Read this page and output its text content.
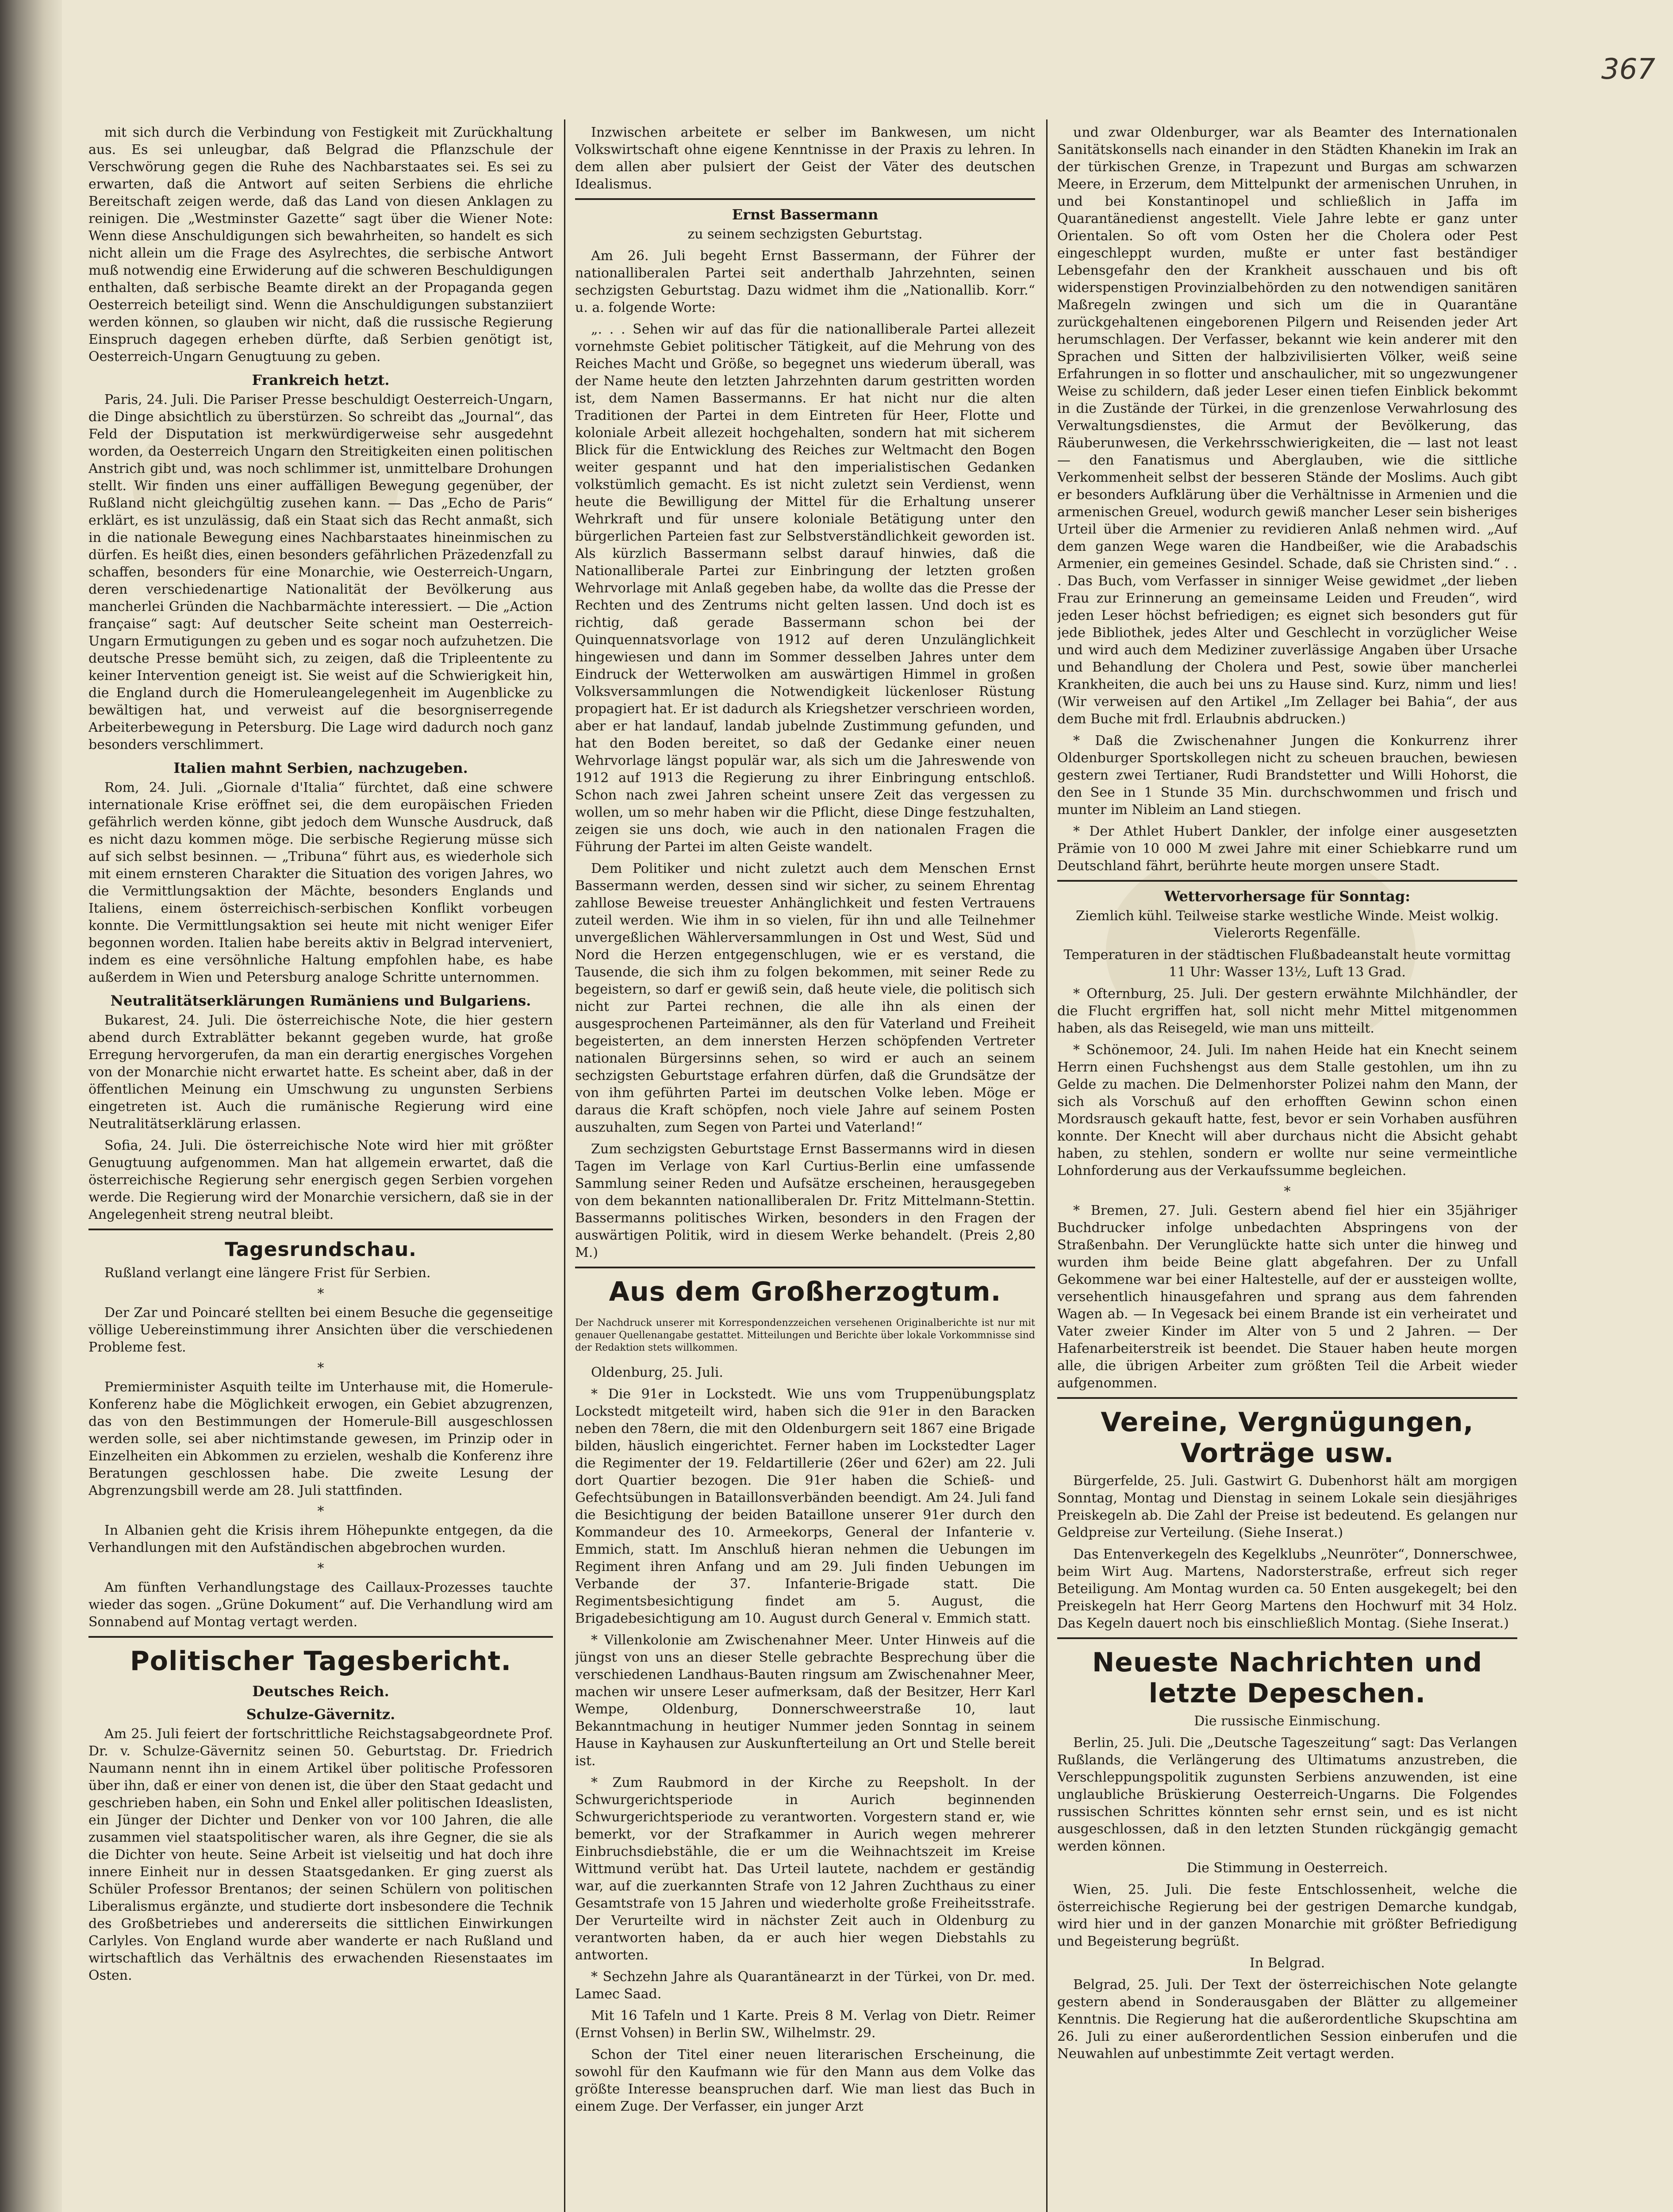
367

mit sich durch die Verbindung von Festigkeit mit Zurückhaltung aus. Es sei unleugbar, daß Belgrad die Pflanzschule der Verschwörung gegen die Ruhe des Nachbarstaates sei. Es sei zu erwarten, daß die Antwort auf seiten Serbiens die ehrliche Bereitschaft zeigen werde, daß das Land von diesen Anklagen zu reinigen. Die „Westminster Gazette“ sagt über die Wiener Note: Wenn diese Anschuldigungen sich bewahrheiten, so handelt es sich nicht allein um die Frage des Asylrechtes, die serbische Antwort muß notwendig eine Erwiderung auf die schweren Beschuldigungen enthalten, daß serbische Beamte direkt an der Propaganda gegen Oesterreich beteiligt sind. Wenn die Anschuldigungen substanziiert werden können, so glauben wir nicht, daß die russische Regierung Einspruch dagegen erheben dürfte, daß Serbien genötigt ist, Oesterreich-Ungarn Genugtuung zu geben.

Frankreich hetzt.

Paris, 24. Juli. Die Pariser Presse beschuldigt Oesterreich-Ungarn, die Dinge absichtlich zu überstürzen. So schreibt das „Journal“, das Feld der Disputation ist merkwürdigerweise sehr ausgedehnt worden, da Oesterreich Ungarn den Streitigkeiten einen politischen Anstrich gibt und, was noch schlimmer ist, unmittelbare Drohungen stellt. Wir finden uns einer auffälligen Bewegung gegenüber, der Rußland nicht gleichgültig zusehen kann. — Das „Echo de Paris“ erklärt, es ist unzulässig, daß ein Staat sich das Recht anmaßt, sich in die nationale Bewegung eines Nachbarstaates hineinmischen zu dürfen. Es heißt dies, einen besonders gefährlichen Präzedenzfall zu schaffen, besonders für eine Monarchie, wie Oesterreich-Ungarn, deren verschiedenartige Nationalität der Bevölkerung aus mancherlei Gründen die Nachbarmächte interessiert. — Die „Action française“ sagt: Auf deutscher Seite scheint man Oesterreich-Ungarn Ermutigungen zu geben und es sogar noch aufzuhetzen. Die deutsche Presse bemüht sich, zu zeigen, daß die Tripleentente zu keiner Intervention geneigt ist. Sie weist auf die Schwierigkeit hin, die England durch die Homeruleangelegenheit im Augenblicke zu bewältigen hat, und verweist auf die besorgniserregende Arbeiterbewegung in Petersburg. Die Lage wird dadurch noch ganz besonders verschlimmert.

Italien mahnt Serbien, nachzugeben.

Rom, 24. Juli. „Giornale d'Italia“ fürchtet, daß eine schwere internationale Krise eröffnet sei, die dem europäischen Frieden gefährlich werden könne, gibt jedoch dem Wunsche Ausdruck, daß es nicht dazu kommen möge. Die serbische Regierung müsse sich auf sich selbst besinnen. — „Tribuna“ führt aus, es wiederhole sich mit einem ernsteren Charakter die Situation des vorigen Jahres, wo die Vermittlungsaktion der Mächte, besonders Englands und Italiens, einem österreichisch-serbischen Konflikt vorbeugen konnte. Die Vermittlungsaktion sei heute mit nicht weniger Eifer begonnen worden. Italien habe bereits aktiv in Belgrad interveniert, indem es eine versöhnliche Haltung empfohlen habe, es habe außerdem in Wien und Petersburg analoge Schritte unternommen.

Neutralitätserklärungen Rumäniens und Bulgariens.

Bukarest, 24. Juli. Die österreichische Note, die hier gestern abend durch Extrablätter bekannt gegeben wurde, hat große Erregung hervorgerufen, da man ein derartig energisches Vorgehen von der Monarchie nicht erwartet hatte. Es scheint aber, daß in der öffentlichen Meinung ein Umschwung zu ungunsten Serbiens eingetreten ist. Auch die rumänische Regierung wird eine Neutralitätserklärung erlassen.

Sofia, 24. Juli. Die österreichische Note wird hier mit größter Genugtuung aufgenommen. Man hat allgemein erwartet, daß die österreichische Regierung sehr energisch gegen Serbien vorgehen werde. Die Regierung wird der Monarchie versichern, daß sie in der Angelegenheit streng neutral bleibt.

Tagesrundschau.

Rußland verlangt eine längere Frist für Serbien.

*

Der Zar und Poincaré stellten bei einem Besuche die gegenseitige völlige Uebereinstimmung ihrer Ansichten über die verschiedenen Probleme fest.

*

Premierminister Asquith teilte im Unterhause mit, die Homerule-Konferenz habe die Möglichkeit erwogen, ein Gebiet abzugrenzen, das von den Bestimmungen der Homerule-Bill ausgeschlossen werden solle, sei aber nichtimstande gewesen, im Prinzip oder in Einzelheiten ein Abkommen zu erzielen, weshalb die Konferenz ihre Beratungen geschlossen habe. Die zweite Lesung der Abgrenzungsbill werde am 28. Juli stattfinden.

*

In Albanien geht die Krisis ihrem Höhepunkte entgegen, da die Verhandlungen mit den Aufständischen abgebrochen wurden.

*

Am fünften Verhandlungstage des Caillaux-Prozesses tauchte wieder das sogen. „Grüne Dokument“ auf. Die Verhandlung wird am Sonnabend auf Montag vertagt werden.

Politischer Tagesbericht.
Deutsches Reich.
Schulze-Gävernitz.

Am 25. Juli feiert der fortschrittliche Reichstagsabgeordnete Prof. Dr. v. Schulze-Gävernitz seinen 50. Geburtstag. Dr. Friedrich Naumann nennt ihn in einem Artikel über politische Professoren über ihn, daß er einer von denen ist, die über den Staat gedacht und geschrieben haben, ein Sohn und Enkel aller politischen Ideaslisten, ein Jünger der Dichter und Denker von vor 100 Jahren, die alle zusammen viel staatspolitischer waren, als ihre Gegner, die sie als die Dichter von heute. Seine Arbeit ist vielseitig und hat doch ihre innere Einheit nur in dessen Staatsgedanken. Er ging zuerst als Schüler Professor Brentanos; der seinen Schülern von politischen Liberalismus ergänzte, und studierte dort insbesondere die Technik des Großbetriebes und andererseits die sittlichen Einwirkungen Carlyles. Von England wurde aber wanderte er nach Rußland und wirtschaftlich das Verhältnis des erwachenden Riesenstaates im Osten.

Inzwischen arbeitete er selber im Bankwesen, um nicht Volkswirtschaft ohne eigene Kenntnisse in der Praxis zu lehren. In dem allen aber pulsiert der Geist der Väter des deutschen Idealismus.

Ernst Bassermann

zu seinem sechzigsten Geburtstag.

Am 26. Juli begeht Ernst Bassermann, der Führer der nationalliberalen Partei seit anderthalb Jahrzehnten, seinen sechzigsten Geburtstag. Dazu widmet ihm die „Nationallib. Korr.“ u. a. folgende Worte:

„. . . Sehen wir auf das für die nationalliberale Partei allezeit vornehmste Gebiet politischer Tätigkeit, auf die Mehrung von des Reiches Macht und Größe, so begegnet uns wiederum überall, was der Name heute den letzten Jahrzehnten darum gestritten worden ist, dem Namen Bassermanns. Er hat nicht nur die alten Traditionen der Partei in dem Eintreten für Heer, Flotte und koloniale Arbeit allezeit hochgehalten, sondern hat mit sicherem Blick für die Entwicklung des Reiches zur Weltmacht den Bogen weiter gespannt und hat den imperialistischen Gedanken volkstümlich gemacht. Es ist nicht zuletzt sein Verdienst, wenn heute die Bewilligung der Mittel für die Erhaltung unserer Wehrkraft und für unsere koloniale Betätigung unter den bürgerlichen Parteien fast zur Selbstverständlichkeit geworden ist. Als kürzlich Bassermann selbst darauf hinwies, daß die Nationalliberale Partei zur Einbringung der letzten großen Wehrvorlage mit Anlaß gegeben habe, da wollte das die Presse der Rechten und des Zentrums nicht gelten lassen. Und doch ist es richtig, daß gerade Bassermann schon bei der Quinquennatsvorlage von 1912 auf deren Unzulänglichkeit hingewiesen und dann im Sommer desselben Jahres unter dem Eindruck der Wetterwolken am auswärtigen Himmel in großen Volksversammlungen die Notwendigkeit lückenloser Rüstung propagiert hat. Er ist dadurch als Kriegshetzer verschrieen worden, aber er hat landauf, landab jubelnde Zustimmung gefunden, und hat den Boden bereitet, so daß der Gedanke einer neuen Wehrvorlage längst populär war, als sich um die Jahreswende von 1912 auf 1913 die Regierung zu ihrer Einbringung entschloß. Schon nach zwei Jahren scheint unsere Zeit das vergessen zu wollen, um so mehr haben wir die Pflicht, diese Dinge festzuhalten, zeigen sie uns doch, wie auch in den nationalen Fragen die Führung der Partei im alten Geiste wandelt.

Dem Politiker und nicht zuletzt auch dem Menschen Ernst Bassermann werden, dessen sind wir sicher, zu seinem Ehrentag zahllose Beweise treuester Anhänglichkeit und festen Vertrauens zuteil werden. Wie ihm in so vielen, für ihn und alle Teilnehmer unvergeßlichen Wählerversammlungen in Ost und West, Süd und Nord die Herzen entgegenschlugen, wie er es verstand, die Tausende, die sich ihm zu folgen bekommen, mit seiner Rede zu begeistern, so darf er gewiß sein, daß heute viele, die politisch sich nicht zur Partei rechnen, die alle ihn als einen der ausgesprochenen Parteimänner, als den für Vaterland und Freiheit begeisterten, an dem innersten Herzen schöpfenden Vertreter nationalen Bürgersinns sehen, so wird er auch an seinem sechzigsten Geburtstage erfahren dürfen, daß die Grundsätze der von ihm geführten Partei im deutschen Volke leben. Möge er daraus die Kraft schöpfen, noch viele Jahre auf seinem Posten auszuhalten, zum Segen von Partei und Vaterland!“

Zum sechzigsten Geburtstage Ernst Bassermanns wird in diesen Tagen im Verlage von Karl Curtius-Berlin eine umfassende Sammlung seiner Reden und Aufsätze erscheinen, herausgegeben von dem bekannten nationalliberalen Dr. Fritz Mittelmann-Stettin. Bassermanns politisches Wirken, besonders in den Fragen der auswärtigen Politik, wird in diesem Werke behandelt. (Preis 2,80 M.)

Aus dem Großherzogtum.

Der Nachdruck unserer mit Korrespondenzzeichen versehenen Originalberichte ist nur mit genauer Quellenangabe gestattet. Mitteilungen und Berichte über lokale Vorkommnisse sind der Redaktion stets willkommen.

Oldenburg, 25. Juli.

* Die 91er in Lockstedt. Wie uns vom Truppenübungsplatz Lockstedt mitgeteilt wird, haben sich die 91er in den Baracken neben den 78ern, die mit den Oldenburgern seit 1867 eine Brigade bilden, häuslich eingerichtet. Ferner haben im Lockstedter Lager die Regimenter der 19. Feldartillerie (26er und 62er) am 22. Juli dort Quartier bezogen. Die 91er haben die Schieß- und Gefechtsübungen in Bataillonsverbänden beendigt. Am 24. Juli fand die Besichtigung der beiden Bataillone unserer 91er durch den Kommandeur des 10. Armeekorps, General der Infanterie v. Emmich, statt. Im Anschluß hieran nehmen die Uebungen im Regiment ihren Anfang und am 29. Juli finden Uebungen im Verbande der 37. Infanterie-Brigade statt. Die Regimentsbesichtigung findet am 5. August, die Brigadebesichtigung am 10. August durch General v. Emmich statt.

* Villenkolonie am Zwischenahner Meer. Unter Hinweis auf die jüngst von uns an dieser Stelle gebrachte Besprechung über die verschiedenen Landhaus-Bauten ringsum am Zwischenahner Meer, machen wir unsere Leser aufmerksam, daß der Besitzer, Herr Karl Wempe, Oldenburg, Donnerschweerstraße 10, laut Bekanntmachung in heutiger Nummer jeden Sonntag in seinem Hause in Kayhausen zur Auskunfterteilung an Ort und Stelle bereit ist.

* Zum Raubmord in der Kirche zu Reepsholt. In der Schwurgerichtsperiode in Aurich beginnenden Schwurgerichtsperiode zu verantworten. Vorgestern stand er, wie bemerkt, vor der Strafkammer in Aurich wegen mehrerer Einbruchsdiebstähle, die er um die Weihnachtszeit im Kreise Wittmund verübt hat. Das Urteil lautete, nachdem er geständig war, auf die zuerkannten Strafe von 12 Jahren Zuchthaus zu einer Gesamtstrafe von 15 Jahren und wiederholte große Freiheitsstrafe. Der Verurteilte wird in nächster Zeit auch in Oldenburg zu verantworten haben, da er auch hier wegen Diebstahls zu antworten.

* Sechzehn Jahre als Quarantänearzt in der Türkei, von Dr. med. Lamec Saad.

Mit 16 Tafeln und 1 Karte. Preis 8 M. Verlag von Dietr. Reimer (Ernst Vohsen) in Berlin SW., Wilhelmstr. 29.

Schon der Titel einer neuen literarischen Erscheinung, die sowohl für den Kaufmann wie für den Mann aus dem Volke das größte Interesse beanspruchen darf. Wie man liest das Buch in einem Zuge. Der Verfasser, ein junger Arzt

und zwar Oldenburger, war als Beamter des Internationalen Sanitätskonsells nach einander in den Städten Khanekin im Irak an der türkischen Grenze, in Trapezunt und Burgas am schwarzen Meere, in Erzerum, dem Mittelpunkt der armenischen Unruhen, in und bei Konstantinopel und schließlich in Jaffa im Quarantänedienst angestellt. Viele Jahre lebte er ganz unter Orientalen. So oft vom Osten her die Cholera oder Pest eingeschleppt wurden, mußte er unter fast beständiger Lebensgefahr den der Krankheit ausschauen und bis oft widerspenstigen Provinzialbehörden zu den notwendigen sanitären Maßregeln zwingen und sich um die in Quarantäne zurückgehaltenen eingeborenen Pilgern und Reisenden jeder Art herumschlagen. Der Verfasser, bekannt wie kein anderer mit den Sprachen und Sitten der halbzivilisierten Völker, weiß seine Erfahrungen in so flotter und anschaulicher, mit so ungezwungener Weise zu schildern, daß jeder Leser einen tiefen Einblick bekommt in die Zustände der Türkei, in die grenzenlose Verwahrlosung des Verwaltungsdienstes, die Armut der Bevölkerung, das Räuberunwesen, die Verkehrsschwierigkeiten, die — last not least — den Fanatismus und Aberglauben, wie die sittliche Verkommenheit selbst der besseren Stände der Moslims. Auch gibt er besonders Aufklärung über die Verhältnisse in Armenien und die armenischen Greuel, wodurch gewiß mancher Leser sein bisheriges Urteil über die Armenier zu revidieren Anlaß nehmen wird. „Auf dem ganzen Wege waren die Handbeißer, wie die Arabadschis Armenier, ein gemeines Gesindel. Schade, daß sie Christen sind.“ . . . Das Buch, vom Verfasser in sinniger Weise gewidmet „der lieben Frau zur Erinnerung an gemeinsame Leiden und Freuden“, wird jeden Leser höchst befriedigen; es eignet sich besonders gut für jede Bibliothek, jedes Alter und Geschlecht in vorzüglicher Weise und wird auch dem Mediziner zuverlässige Angaben über Ursache und Behandlung der Cholera und Pest, sowie über mancherlei Krankheiten, die auch bei uns zu Hause sind. Kurz, nimm und lies! (Wir verweisen auf den Artikel „Im Zellager bei Bahia“, der aus dem Buche mit frdl. Erlaubnis abdrucken.)

* Daß die Zwischenahner Jungen die Konkurrenz ihrer Oldenburger Sportskollegen nicht zu scheuen brauchen, bewiesen gestern zwei Tertianer, Rudi Brandstetter und Willi Hohorst, die den See in 1 Stunde 35 Min. durchschwommen und frisch und munter im Nibleim an Land stiegen.

* Der Athlet Hubert Dankler, der infolge einer ausgesetzten Prämie von 10 000 M zwei Jahre mit einer Schiebkarre rund um Deutschland fährt, berührte heute morgen unsere Stadt.

Wettervorhersage für Sonntag:

Ziemlich kühl. Teilweise starke westliche Winde. Meist wolkig. Vielerorts Regenfälle.

Temperaturen in der städtischen Flußbadeanstalt heute vormittag 11 Uhr: Wasser 13½, Luft 13 Grad.

* Ofternburg, 25. Juli. Der gestern erwähnte Milchhändler, der die Flucht ergriffen hat, soll nicht mehr Mittel mitgenommen haben, als das Reisegeld, wie man uns mitteilt.

* Schönemoor, 24. Juli. Im nahen Heide hat ein Knecht seinem Herrn einen Fuchshengst aus dem Stalle gestohlen, um ihn zu Gelde zu machen. Die Delmenhorster Polizei nahm den Mann, der sich als Vorschuß auf den erhofften Gewinn schon einen Mordsrausch gekauft hatte, fest, bevor er sein Vorhaben ausführen konnte. Der Knecht will aber durchaus nicht die Absicht gehabt haben, zu stehlen, sondern er wollte nur seine vermeintliche Lohnforderung aus der Verkaufssumme begleichen.

*

* Bremen, 27. Juli. Gestern abend fiel hier ein 35jähriger Buchdrucker infolge unbedachten Abspringens von der Straßenbahn. Der Verunglückte hatte sich unter die hinweg und wurden ihm beide Beine glatt abgefahren. Der zu Unfall Gekommene war bei einer Haltestelle, auf der er aussteigen wollte, versehentlich hinausgefahren und sprang aus dem fahrenden Wagen ab. — In Vegesack bei einem Brande ist ein verheiratet und Vater zweier Kinder im Alter von 5 und 2 Jahren. — Der Hafenarbeiterstreik ist beendet. Die Stauer haben heute morgen alle, die übrigen Arbeiter zum größten Teil die Arbeit wieder aufgenommen.

Vereine, Vergnügungen, Vorträge usw.

Bürgerfelde, 25. Juli. Gastwirt G. Dubenhorst hält am morgigen Sonntag, Montag und Dienstag in seinem Lokale sein diesjähriges Preiskegeln ab. Die Zahl der Preise ist bedeutend. Es gelangen nur Geldpreise zur Verteilung. (Siehe Inserat.)

Das Entenverkegeln des Kegelklubs „Neunröter“, Donnerschwee, beim Wirt Aug. Martens, Nadorsterstraße, erfreut sich reger Beteiligung. Am Montag wurden ca. 50 Enten ausgekegelt; bei den Preiskegeln hat Herr Georg Martens den Hochwurf mit 34 Holz. Das Kegeln dauert noch bis einschließlich Montag. (Siehe Inserat.)

Neueste Nachrichten und letzte Depeschen.

Die russische Einmischung.

Berlin, 25. Juli. Die „Deutsche Tageszeitung“ sagt: Das Verlangen Rußlands, die Verlängerung des Ultimatums anzustreben, die Verschleppungspolitik zugunsten Serbiens anzuwenden, ist eine unglaubliche Brüskierung Oesterreich-Ungarns. Die Folgendes russischen Schrittes könnten sehr ernst sein, und es ist nicht ausgeschlossen, daß in den letzten Stunden rückgängig gemacht werden können.

Die Stimmung in Oesterreich.

Wien, 25. Juli. Die feste Entschlossenheit, welche die österreichische Regierung bei der gestrigen Demarche kundgab, wird hier und in der ganzen Monarchie mit größter Befriedigung und Begeisterung begrüßt.

In Belgrad.

Belgrad, 25. Juli. Der Text der österreichischen Note gelangte gestern abend in Sonderausgaben der Blätter zu allgemeiner Kenntnis. Die Regierung hat die außerordentliche Skupschtina am 26. Juli zu einer außerordentlichen Session einberufen und die Neuwahlen auf unbestimmte Zeit vertagt werden.
